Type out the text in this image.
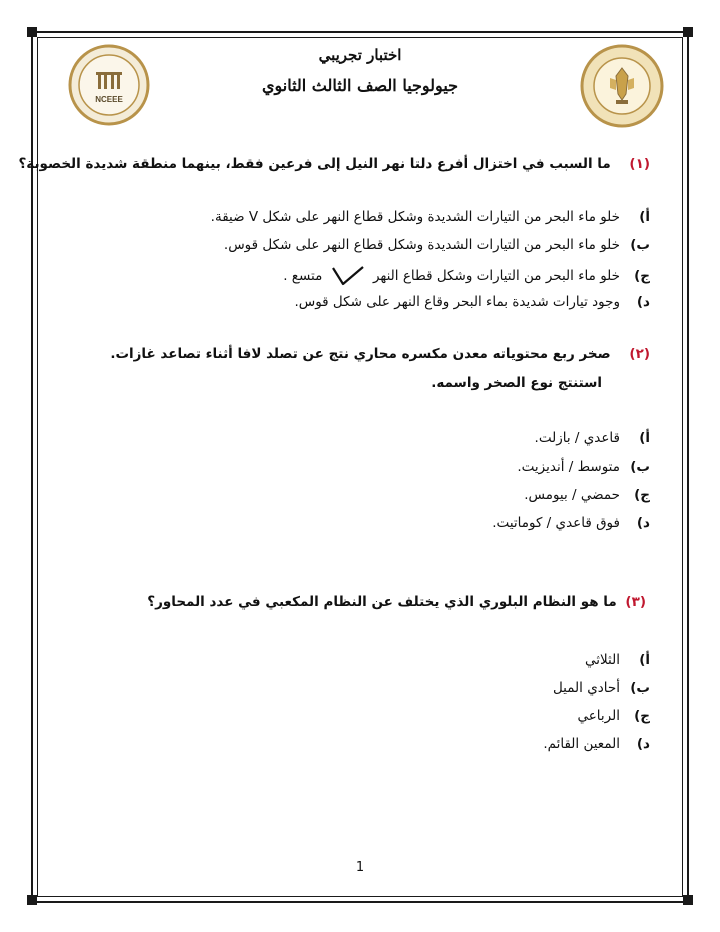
NCEEE
اختبار تجريبي
جيولوجيا الصف الثالث الثانوي
(١) ما السبب في اختزال أفرع دلتا نهر النيل إلى فرعين فقط، بينهما منطقة شديدة الخصوبة؟
أ)خلو ماء البحر من التيارات الشديدة وشكل قطاع النهر على شكل V ضيقة.
ب)خلو ماء البحر من التيارات الشديدة وشكل قطاع النهر على شكل قوس.
ج)خلو ماء البحر من التيارات وشكل قطاع النهر  متسع .
د)وجود تيارات شديدة بماء البحر وقاع النهر على شكل قوس.
(٢) صخر ربع محتوياته معدن مكسره محاري نتج عن تصلد لافا أثناء تصاعد غازات.
استنتج نوع الصخر واسمه.
أ)قاعدي / بازلت.
ب)متوسط / أنديزيت.
ج)حمضي / بيومس.
د)فوق قاعدي / كوماتيت.
(٣) ما هو النظام البلوري الذي يختلف عن النظام المكعبي في عدد المحاور؟
أ)الثلاثي
ب)أحادي الميل
ج)الرباعي
د)المعين القائم.
1
